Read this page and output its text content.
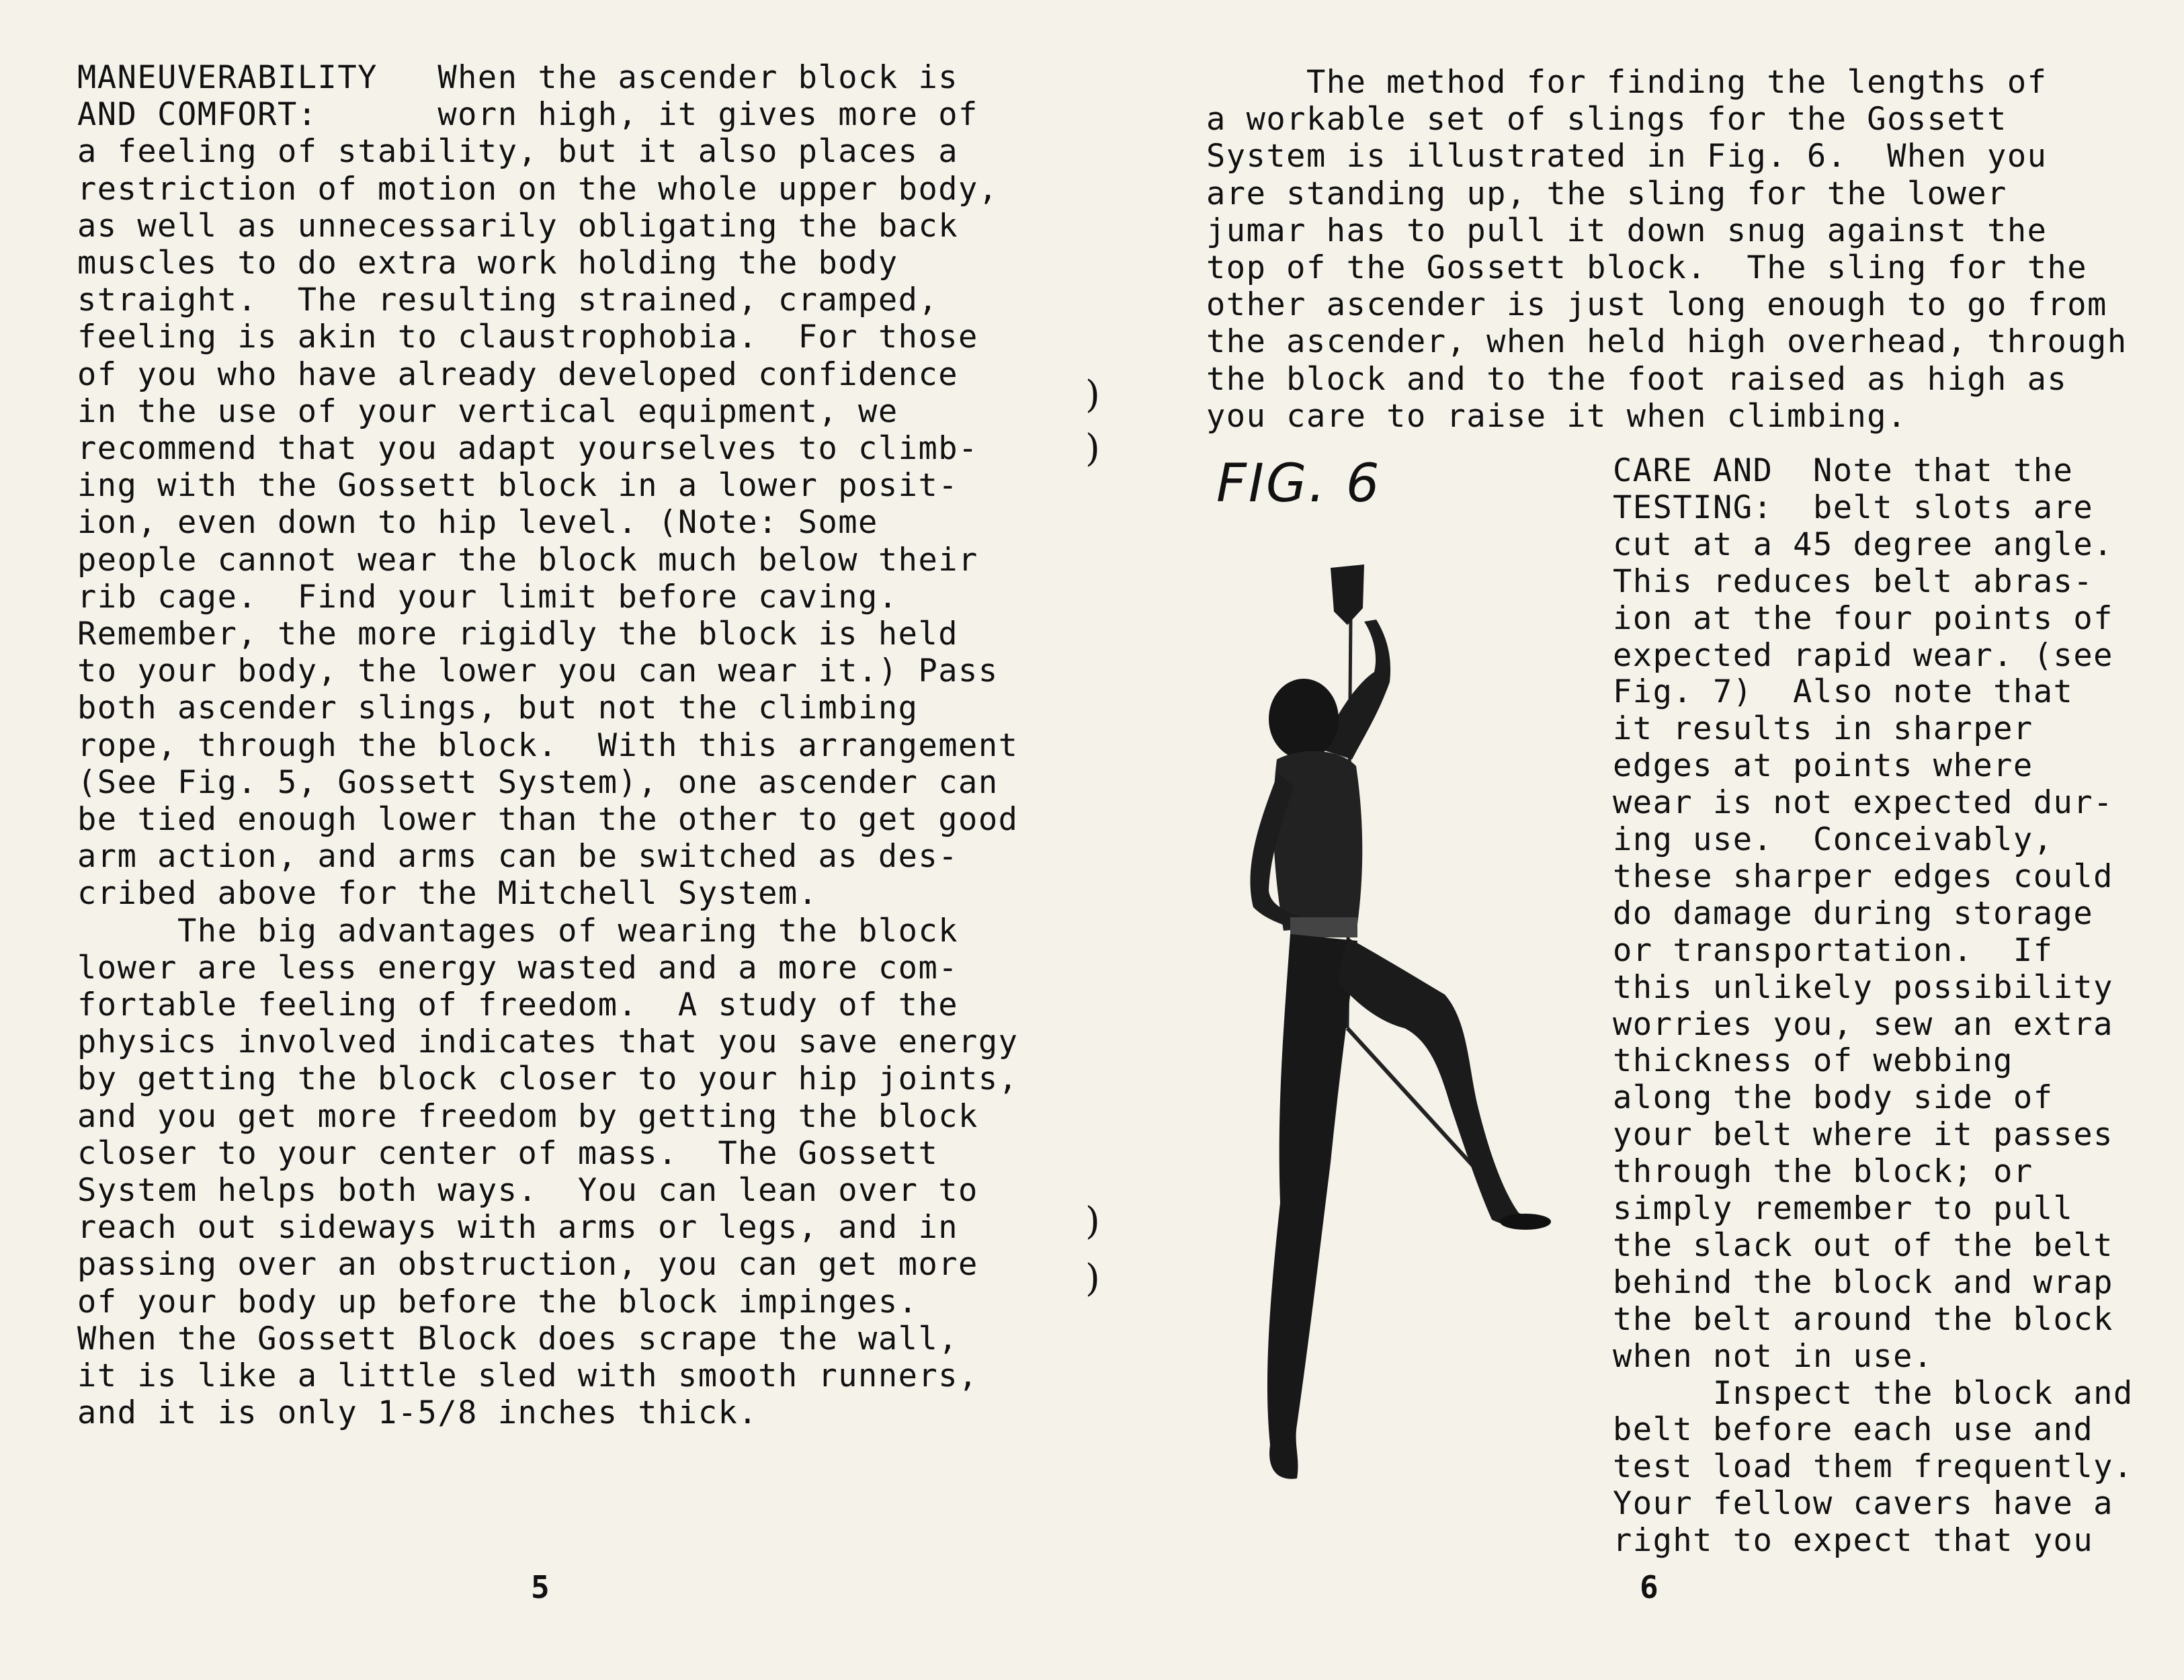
MANEUVERABILITY   When the ascender block is
AND COMFORT:      worn high, it gives more of
a feeling of stability, but it also places a
restriction of motion on the whole upper body,
as well as unnecessarily obligating the back
muscles to do extra work holding the body
straight.  The resulting strained, cramped,
feeling is akin to claustrophobia.  For those
of you who have already developed confidence
in the use of your vertical equipment, we
recommend that you adapt yourselves to climb-
ing with the Gossett block in a lower posit-
ion, even down to hip level. (Note: Some
people cannot wear the block much below their
rib cage.  Find your limit before caving.
Remember, the more rigidly the block is held
to your body, the lower you can wear it.) Pass
both ascender slings, but not the climbing
rope, through the block.  With this arrangement
(See Fig. 5, Gossett System), one ascender can
be tied enough lower than the other to get good
arm action, and arms can be switched as des-
cribed above for the Mitchell System.
The big advantages of wearing the block
lower are less energy wasted and a more com-
fortable feeling of freedom.  A study of the
physics involved indicates that you save energy
by getting the block closer to your hip joints,
and you get more freedom by getting the block
closer to your center of mass.  The Gossett
System helps both ways.  You can lean over to
reach out sideways with arms or legs, and in
passing over an obstruction, you can get more
of your body up before the block impinges.
When the Gossett Block does scrape the wall,
it is like a little sled with smooth runners,
and it is only 1-5/8 inches thick.
5
The method for finding the lengths of
a workable set of slings for the Gossett
System is illustrated in Fig. 6.  When you
are standing up, the sling for the lower
jumar has to pull it down snug against the
top of the Gossett block.  The sling for the
other ascender is just long enough to go from
the ascender, when held high overhead, through
the block and to the foot raised as high as
you care to raise it when climbing.
FIG. 6	CARE AND  Note that the
TESTING:  belt slots are
cut at a 45 degree angle.
This reduces belt abras-
ion at the four points of
expected rapid wear. (see
Fig. 7)  Also note that
it results in sharper
edges at points where
wear is not expected dur-
ing use.  Conceivably,
these sharper edges could
do damage during storage
or transportation.  If
this unlikely possibility
worries you, sew an extra
thickness of webbing
along the body side of
your belt where it passes
through the block; or
simply remember to pull
the slack out of the belt
behind the block and wrap
the belt around the block
when not in use.
Inspect the block and
belt before each use and
test load them frequently.
Your fellow cavers have a
right to expect that you
6
)
)
)
)
